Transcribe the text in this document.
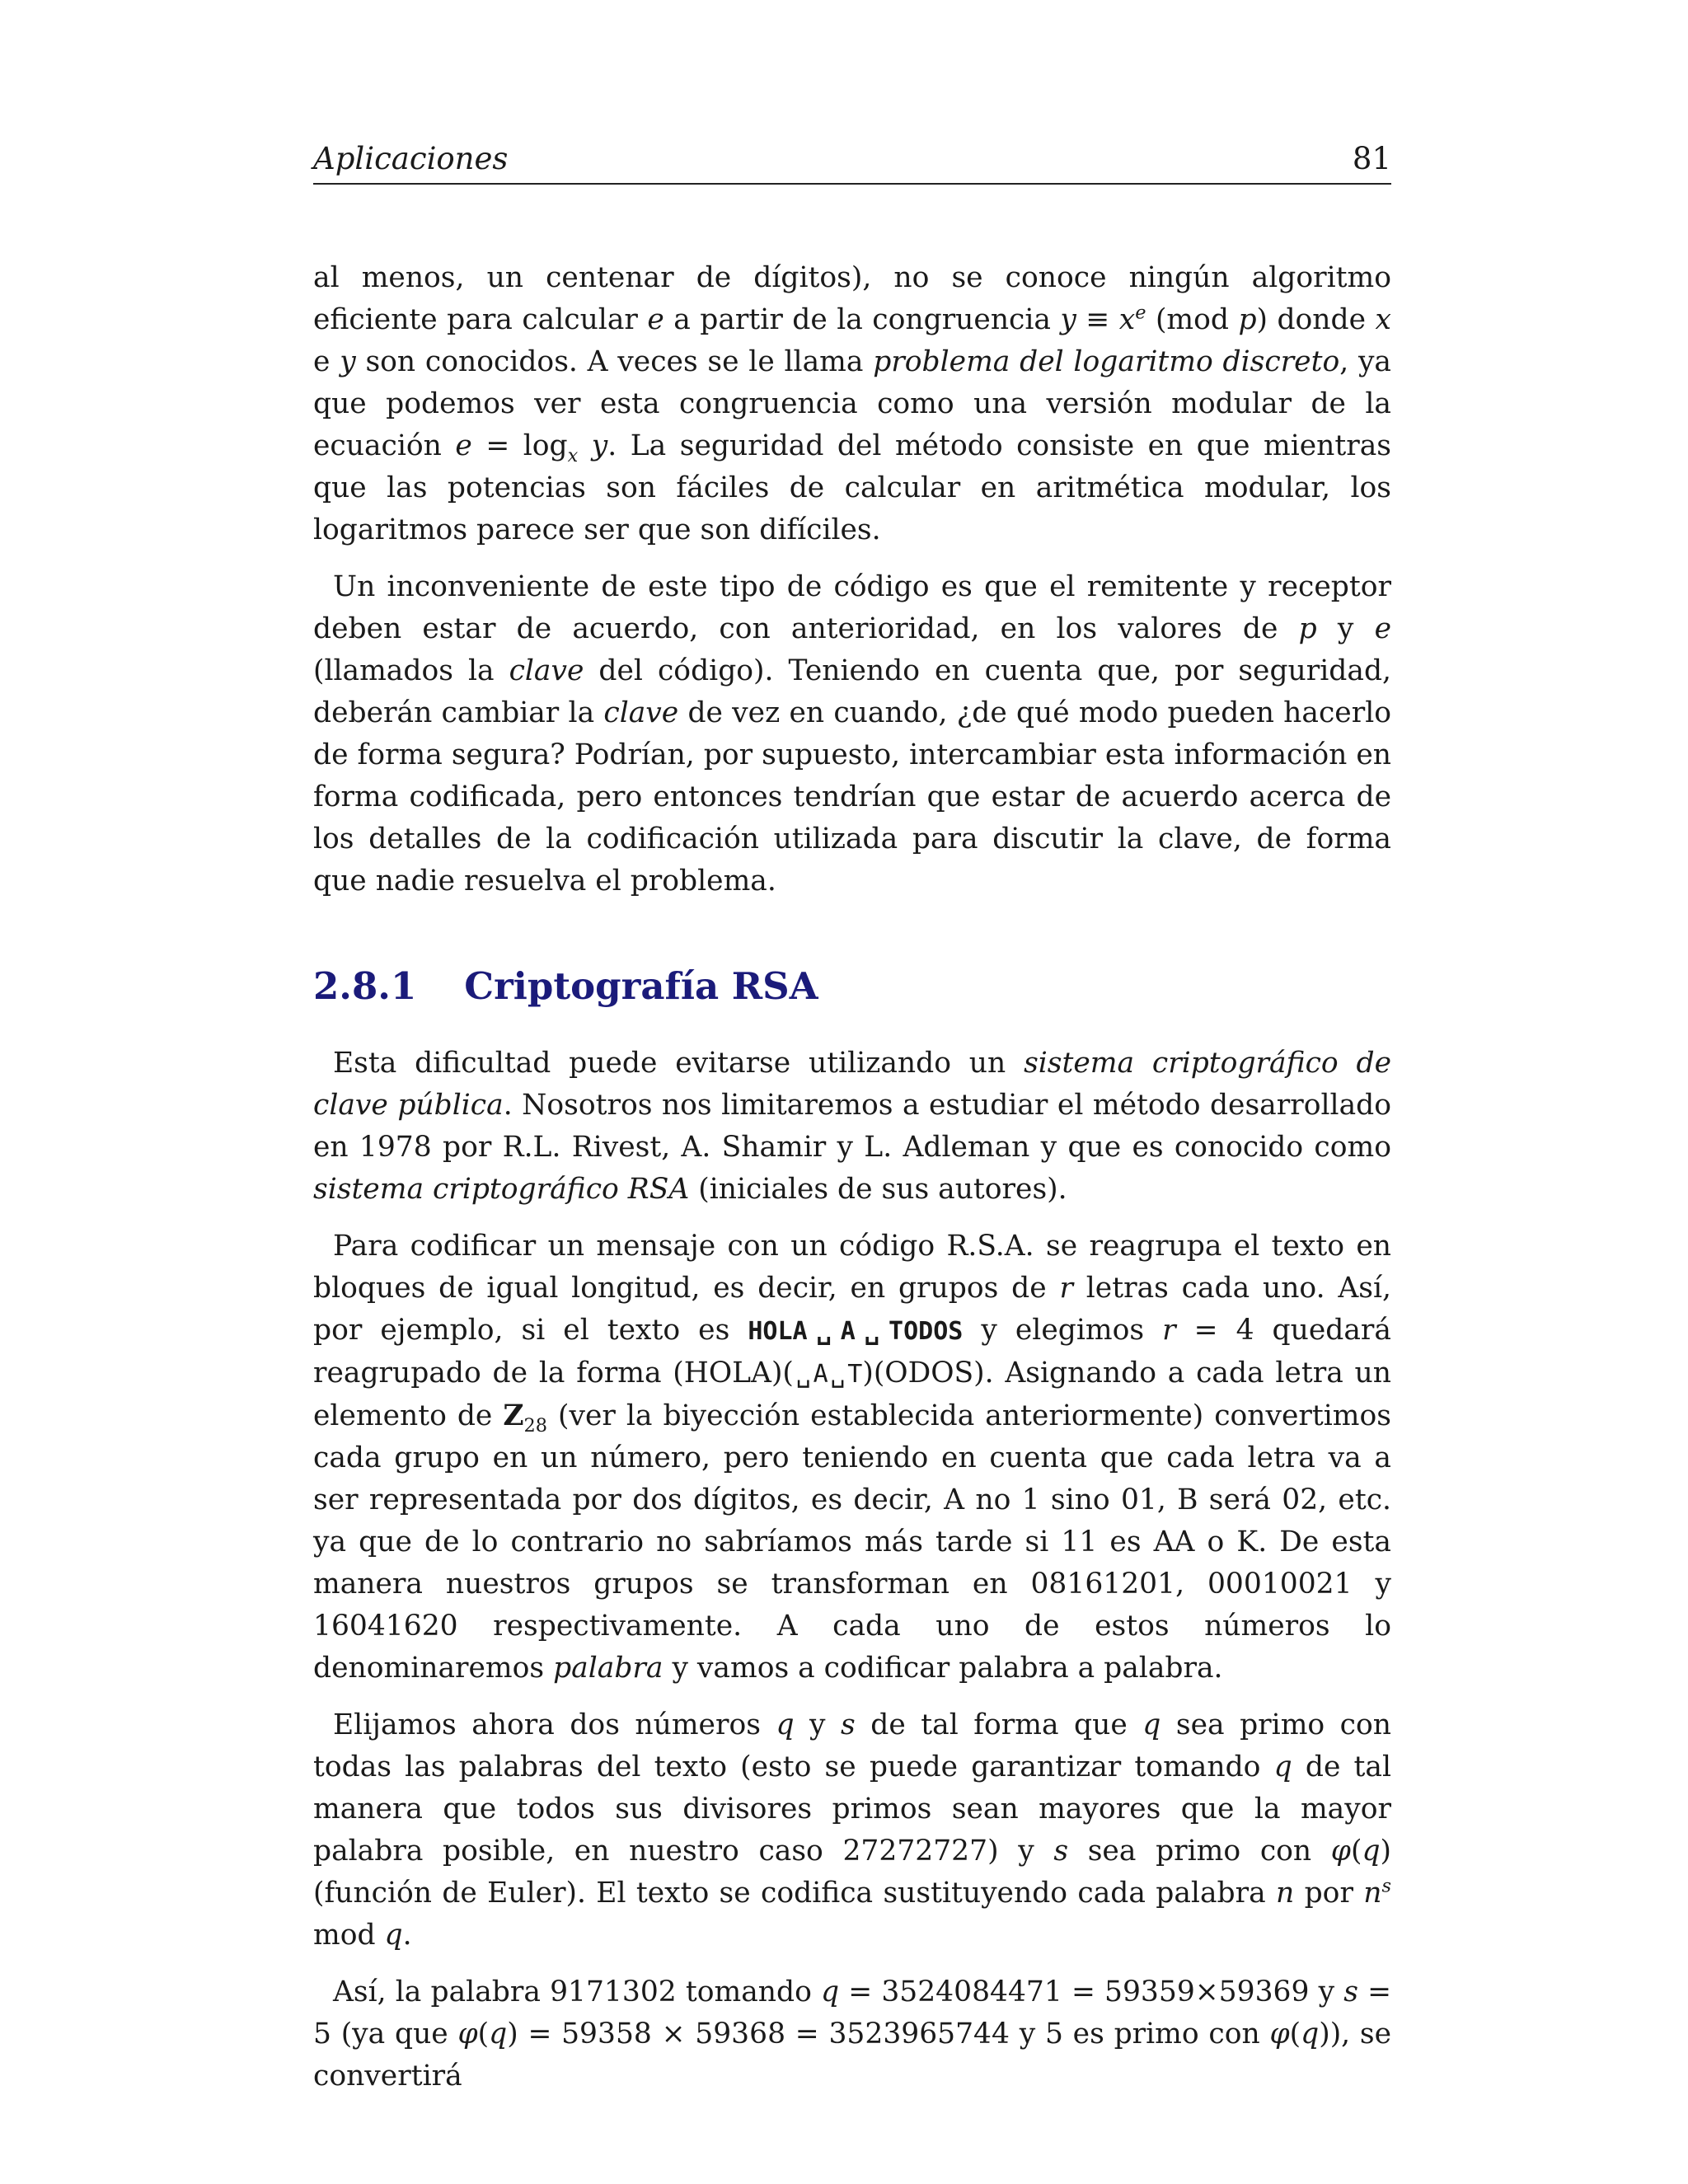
Aplicaciones	81

al menos, un centenar de dígitos), no se conoce ningún algoritmo eficiente para calcular e a partir de la congruencia $y \equiv x^e$ (mod p) donde x e y son conocidos. A veces se le llama problema del logaritmo discreto, ya que podemos ver esta congruencia como una versión modular de la ecuación $e = \log_x y$. La seguridad del método consiste en que mientras que las potencias son fáciles de calcular en aritmética modular, los logaritmos parece ser que son difíciles.

Un inconveniente de este tipo de código es que el remitente y receptor deben estar de acuerdo, con anterioridad, en los valores de p y e (llamados la clave del código). Teniendo en cuenta que, por seguridad, deberán cambiar la clave de vez en cuando, ¿de qué modo pueden hacerlo de forma segura? Podrían, por supuesto, intercambiar esta información en forma codificada, pero entonces tendrían que estar de acuerdo acerca de los detalles de la codificación utilizada para discutir la clave, de forma que nadie resuelva el problema.

2.8.1 Criptografía RSA

Esta dificultad puede evitarse utilizando un sistema criptográfico de clave pública. Nosotros nos limitaremos a estudiar el método desarrollado en 1978 por R.L. Rivest, A. Shamir y L. Adleman y que es conocido como sistema criptográfico RSA (iniciales de sus autores).

Para codificar un mensaje con un código R.S.A. se reagrupa el texto en bloques de igual longitud, es decir, en grupos de r letras cada uno. Así, por ejemplo, si el texto es HOLA␣A␣TODOS y elegimos r = 4 quedará reagrupado de la forma (HOLA)(␣A␣T)(ODOS). Asignando a cada letra un elemento de $Z_{28}$ (ver la biyección establecida anteriormente) convertimos cada grupo en un número, pero teniendo en cuenta que cada letra va a ser representada por dos dígitos, es decir, A no 1 sino 01, B será 02, etc. ya que de lo contrario no sabríamos más tarde si 11 es AA o K. De esta manera nuestros grupos se transforman en 08161201, 00010021 y 16041620 respectivamente. A cada uno de estos números lo denominaremos palabra y vamos a codificar palabra a palabra.

Elijamos ahora dos números q y s de tal forma que q sea primo con todas las palabras del texto (esto se puede garantizar tomando q de tal manera que todos sus divisores primos sean mayores que la mayor palabra posible, en nuestro caso 27272727) y s sea primo con φ(q) (función de Euler). El texto se codifica sustituyendo cada palabra n por $n^s$ mod q.

Así, la palabra 9171302 tomando q = 3524084471 = 59359×59369 y s = 5 (ya que φ(q) = 59358 × 59368 = 3523965744 y 5 es primo con φ(q)), se convertirá
